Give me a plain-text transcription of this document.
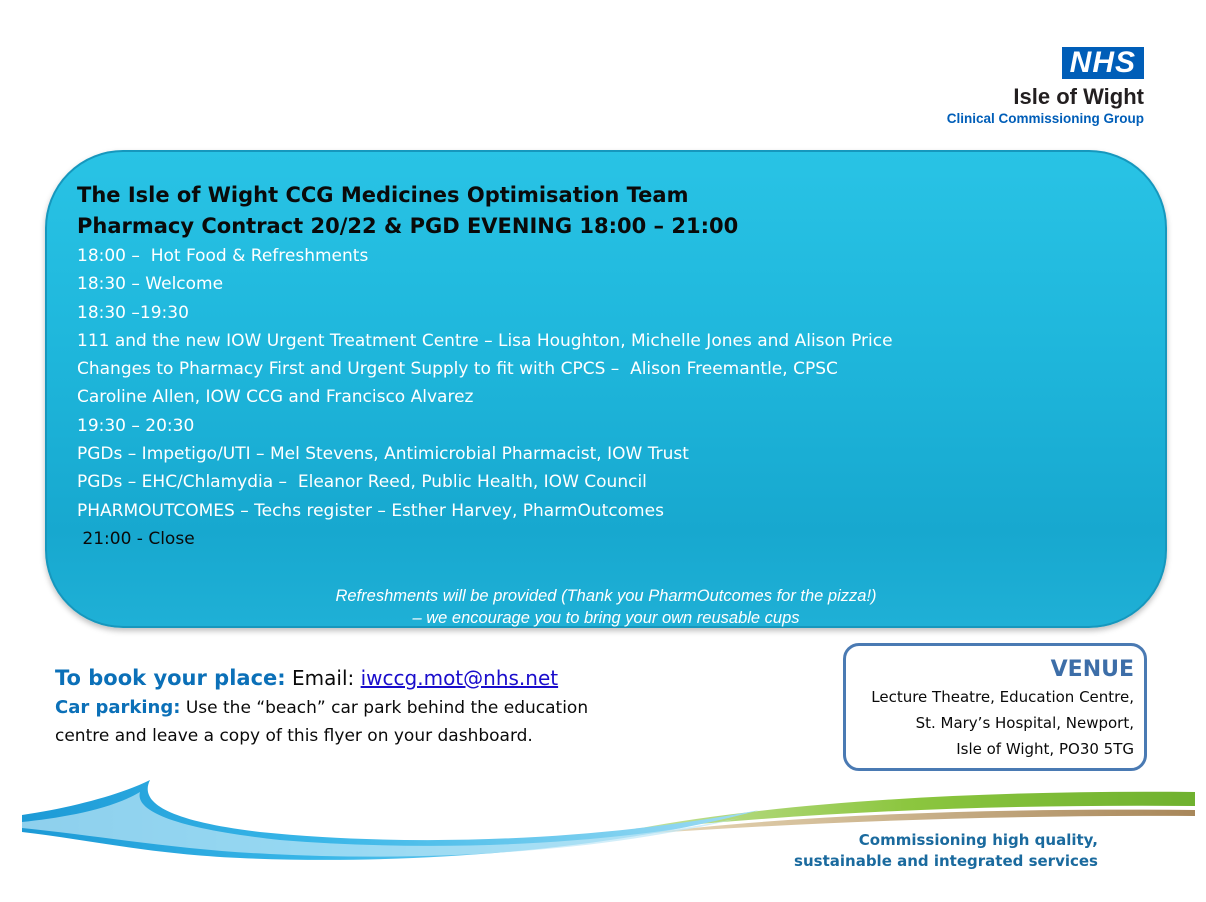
NHS
Isle of Wight
Clinical Commissioning Group
The Isle of Wight CCG Medicines Optimisation Team
Pharmacy Contract 20/22 & PGD EVENING 18:00 – 21:00
18:00 –  Hot Food & Refreshments
18:30 – Welcome
18:30 –19:30
111 and the new IOW Urgent Treatment Centre – Lisa Houghton, Michelle Jones and Alison Price
Changes to Pharmacy First and Urgent Supply to fit with CPCS –  Alison Freemantle, CPSC
Caroline Allen, IOW CCG and Francisco Alvarez
19:30 – 20:30
PGDs – Impetigo/UTI – Mel Stevens, Antimicrobial Pharmacist, IOW Trust
PGDs – EHC/Chlamydia –  Eleanor Reed, Public Health, IOW Council
PHARMOUTCOMES – Techs register – Esther Harvey, PharmOutcomes
21:00 - Close
Refreshments will be provided (Thank you PharmOutcomes for the pizza!)
– we encourage you to bring your own reusable cups
To book your place: Email: iwccg.mot@nhs.net
Car parking: Use the “beach” car park behind the education
centre and leave a copy of this flyer on your dashboard.
VENUE
Lecture Theatre, Education Centre,
St. Mary’s Hospital, Newport,
Isle of Wight, PO30 5TG
Commissioning high quality,
sustainable and integrated services
